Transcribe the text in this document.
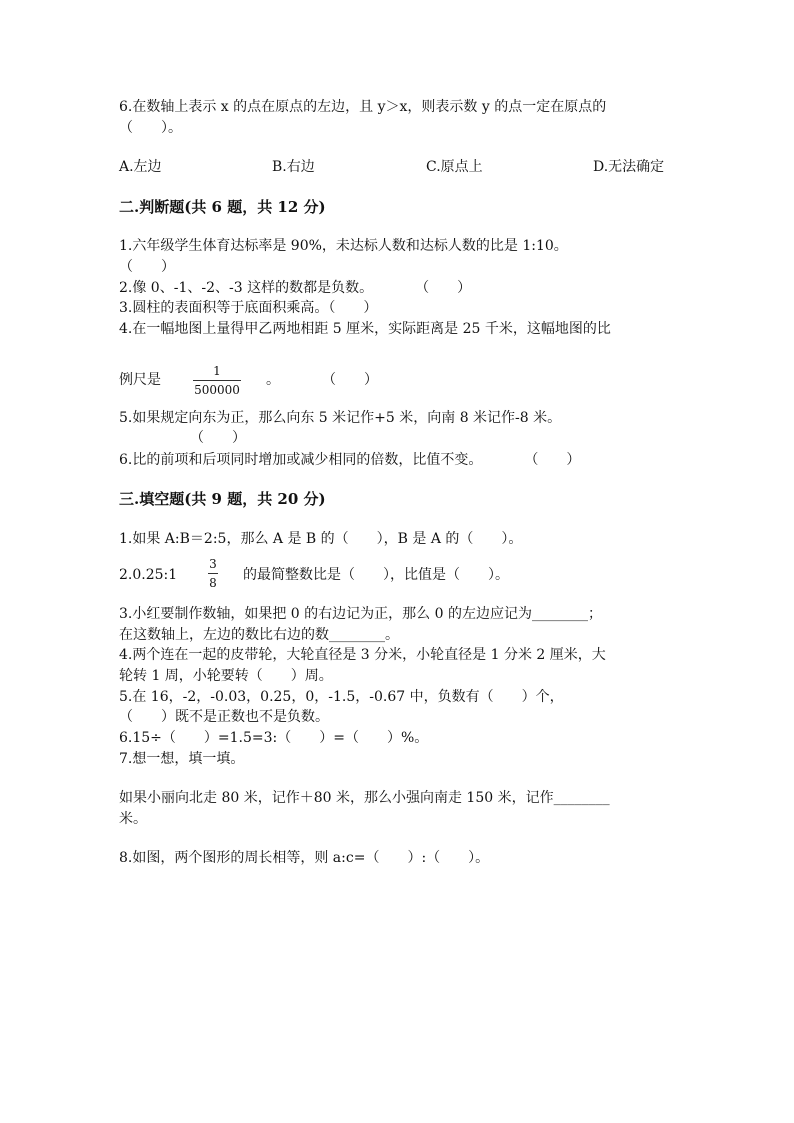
6.在数轴上表示 x 的点在原点的左边，且 y＞x，则表示数 y 的点一定在原点的
（　　）。
A.左边	B.右边	C.原点上	D.无法确定
二.判断题(共 6 题，共 12 分)
1.六年级学生体育达标率是 90%，未达标人数和达标人数的比是 1:10。
（　　）
2.像 0、-1、-2、-3 这样的数都是负数。　　　　（　　）
3.圆柱的表面积等于底面积乘高。（　　）
4.在一幅地图上量得甲乙两地相距 5 厘米，实际距离是 25 千米，这幅地图的比
例尺是
1
500000
。　　　　（　　）
5.如果规定向东为正，那么向东 5 米记作+5 米，向南 8 米记作-8 米。
（　　）
6.比的前项和后项同时增加或减少相同的倍数，比值不变。　　　　（　　）
三.填空题(共 9 题，共 20 分)
1.如果 A:B＝2:5，那么 A 是 B 的（　　），B 是 A 的（　　）。
2.0.25:1
3
8 的最简整数比是（　　），比值是（　　）。
3.小红要制作数轴，如果把 0 的右边记为正，那么 0 的左边应记为________；
在这数轴上，左边的数比右边的数________。
4.两个连在一起的皮带轮，大轮直径是 3 分米，小轮直径是 1 分米 2 厘米，大
轮转 1 周，小轮要转（　　）周。
5.在 16，-2，-0.03，0.25，0，-1.5，-0.67 中，负数有（　　）个，
（　　）既不是正数也不是负数。
6.15÷（　　）=1.5=3:（　　）=（　　）%。
7.想一想，填一填。
如果小丽向北走 80 米，记作＋80 米，那么小强向南走 150 米，记作________
米。
8.如图，两个图形的周长相等，则 a:c=（　　）:（　　）。
